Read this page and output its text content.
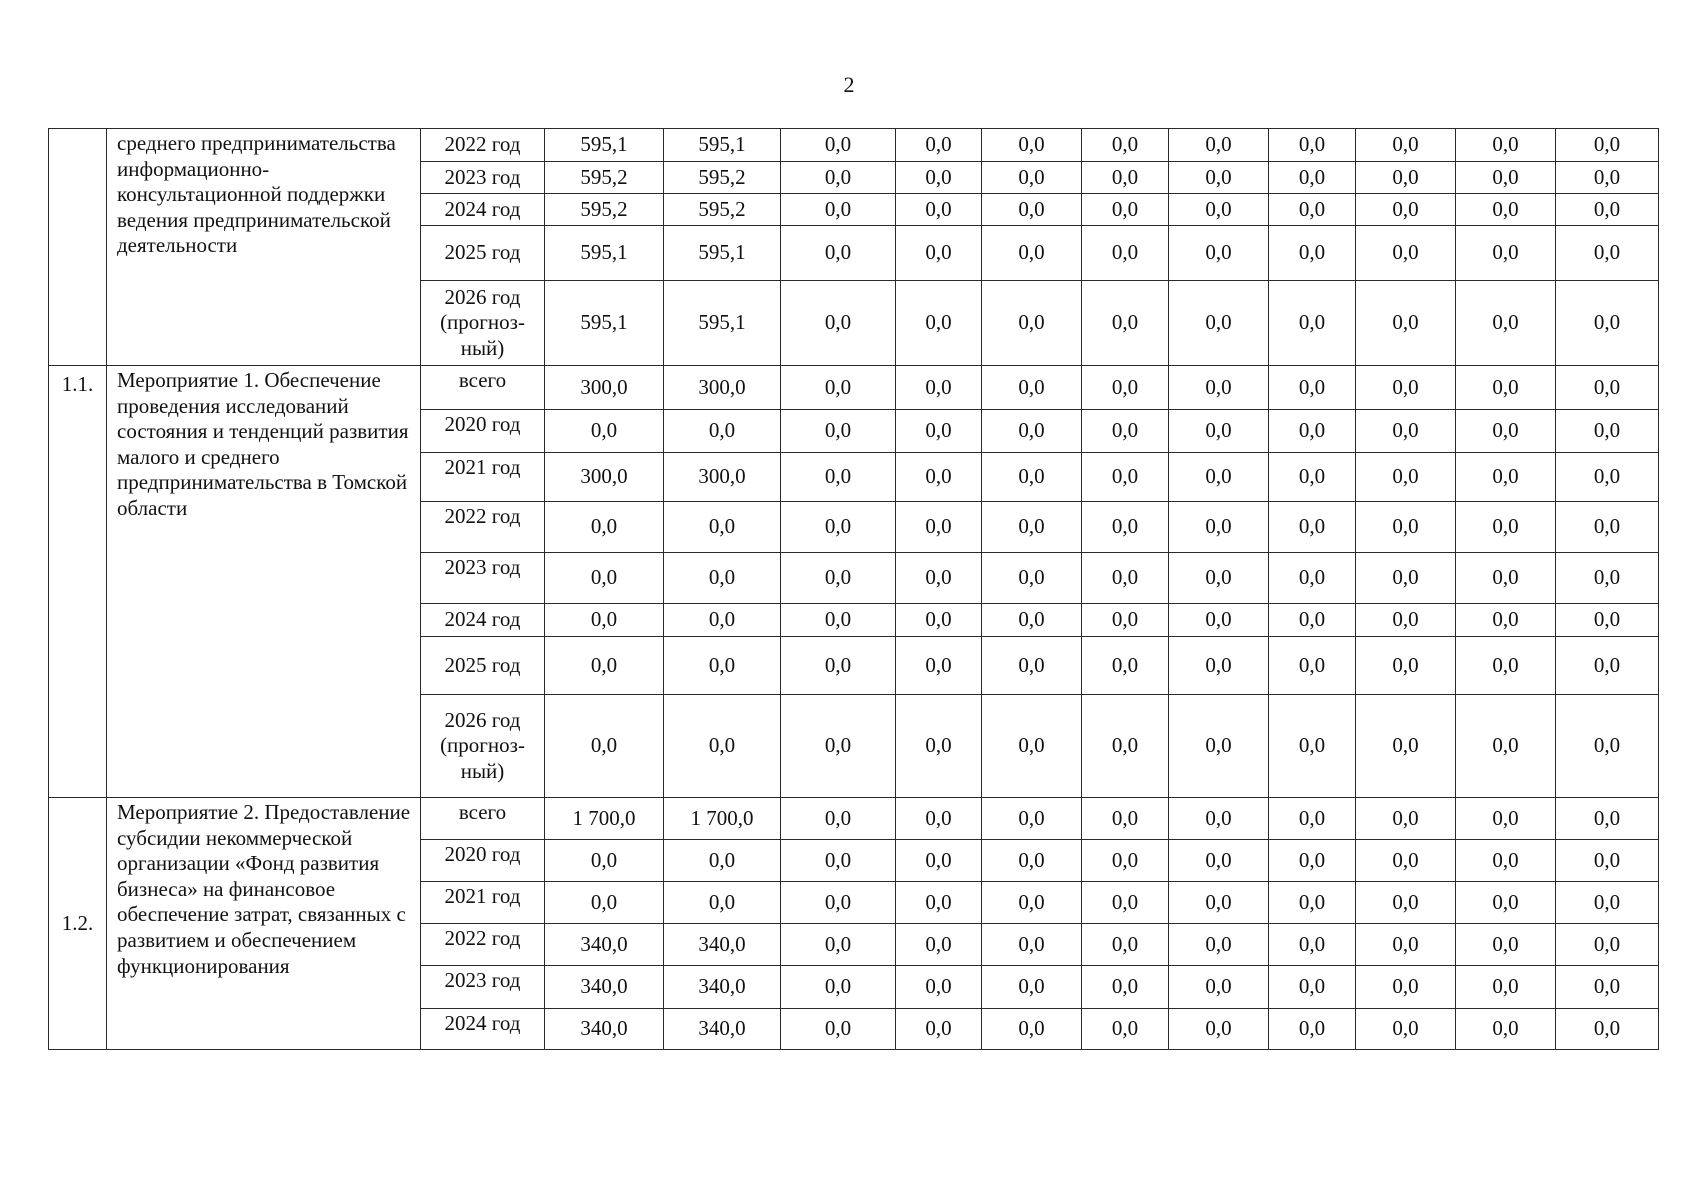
2
	среднего предпринимательства информационно-консультационной поддержки ведения предпринимательской деятельности	2022 год	595,1	595,1	0,0	0,0	0,0	0,0	0,0	0,0	0,0	0,0	0,0
		2023 год	595,2	595,2	0,0	0,0	0,0	0,0	0,0	0,0	0,0	0,0	0,0
		2024 год	595,2	595,2	0,0	0,0	0,0	0,0	0,0	0,0	0,0	0,0	0,0
		2025 год	595,1	595,1	0,0	0,0	0,0	0,0	0,0	0,0	0,0	0,0	0,0
		2026 год (прогноз-ный)	595,1	595,1	0,0	0,0	0,0	0,0	0,0	0,0	0,0	0,0	0,0
1.1.	Мероприятие 1. Обеспечение проведения исследований состояния и тенденций развития малого и среднего предпринимательства в Томской области	всего	300,0	300,0	0,0	0,0	0,0	0,0	0,0	0,0	0,0	0,0	0,0
		2020 год	0,0	0,0	0,0	0,0	0,0	0,0	0,0	0,0	0,0	0,0	0,0
		2021 год	300,0	300,0	0,0	0,0	0,0	0,0	0,0	0,0	0,0	0,0	0,0
		2022 год	0,0	0,0	0,0	0,0	0,0	0,0	0,0	0,0	0,0	0,0	0,0
		2023 год	0,0	0,0	0,0	0,0	0,0	0,0	0,0	0,0	0,0	0,0	0,0
		2024 год	0,0	0,0	0,0	0,0	0,0	0,0	0,0	0,0	0,0	0,0	0,0
		2025 год	0,0	0,0	0,0	0,0	0,0	0,0	0,0	0,0	0,0	0,0	0,0
		2026 год (прогноз-ный)	0,0	0,0	0,0	0,0	0,0	0,0	0,0	0,0	0,0	0,0	0,0
1.2.	Мероприятие 2. Предоставление субсидии некоммерческой организации «Фонд развития бизнеса» на финансовое обеспечение затрат, связанных с развитием и обеспечением функционирования	всего	1 700,0	1 700,0	0,0	0,0	0,0	0,0	0,0	0,0	0,0	0,0	0,0
		2020 год	0,0	0,0	0,0	0,0	0,0	0,0	0,0	0,0	0,0	0,0	0,0
		2021 год	0,0	0,0	0,0	0,0	0,0	0,0	0,0	0,0	0,0	0,0	0,0
		2022 год	340,0	340,0	0,0	0,0	0,0	0,0	0,0	0,0	0,0	0,0	0,0
		2023 год	340,0	340,0	0,0	0,0	0,0	0,0	0,0	0,0	0,0	0,0	0,0
		2024 год	340,0	340,0	0,0	0,0	0,0	0,0	0,0	0,0	0,0	0,0	0,0
